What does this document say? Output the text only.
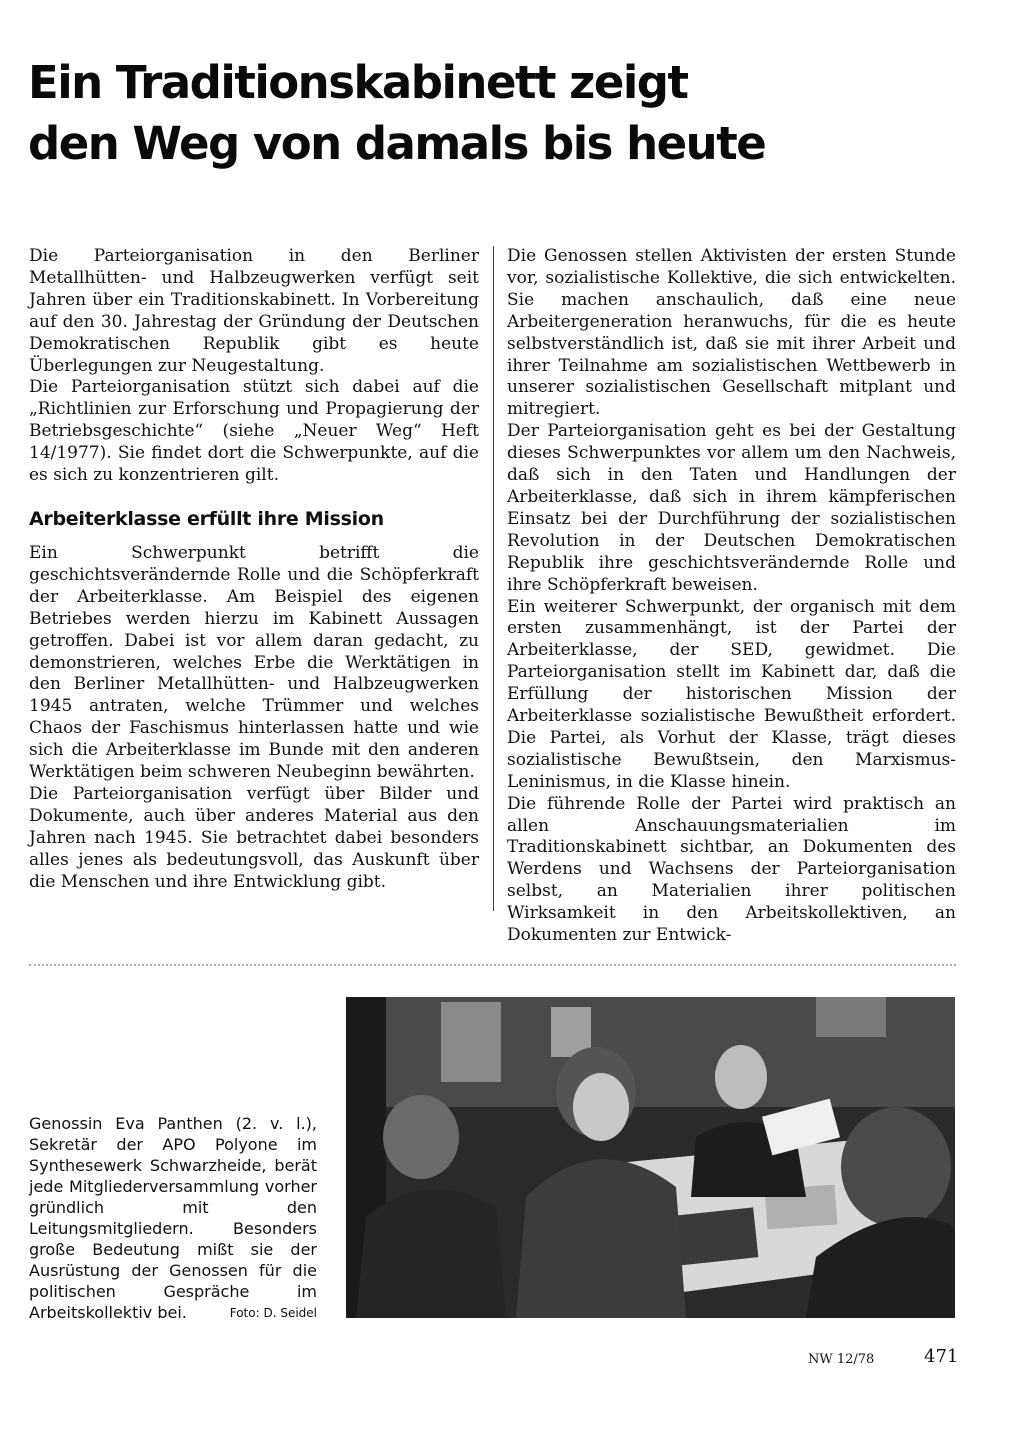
Ein Traditionskabinett zeigt
den Weg von damals bis heute

Die Parteiorganisation in den Berliner Metallhütten- und Halbzeugwerken verfügt seit Jahren über ein Traditionskabinett. In Vorbereitung auf den 30. Jahrestag der Gründung der Deutschen Demokratischen Republik gibt es heute Überlegungen zur Neugestaltung.

Die Parteiorganisation stützt sich dabei auf die „Richtlinien zur Erforschung und Propagierung der Betriebsgeschichte“ (siehe „Neuer Weg“ Heft 14/1977). Sie findet dort die Schwerpunkte, auf die es sich zu konzentrieren gilt.

Arbeiterklasse erfüllt ihre Mission

Ein Schwerpunkt betrifft die geschichtsverändernde Rolle und die Schöpferkraft der Arbeiterklasse. Am Beispiel des eigenen Betriebes werden hierzu im Kabinett Aussagen getroffen. Dabei ist vor allem daran gedacht, zu demonstrieren, welches Erbe die Werktätigen in den Berliner Metallhütten- und Halbzeugwerken 1945 antraten, welche Trümmer und welches Chaos der Faschismus hinterlassen hatte und wie sich die Arbeiterklasse im Bunde mit den anderen Werktätigen beim schweren Neubeginn bewährten.

Die Parteiorganisation verfügt über Bilder und Dokumente, auch über anderes Material aus den Jahren nach 1945. Sie betrachtet dabei besonders alles jenes als bedeutungsvoll, das Auskunft über die Menschen und ihre Entwicklung gibt.

Die Genossen stellen Aktivisten der ersten Stunde vor, sozialistische Kollektive, die sich entwickelten. Sie machen anschaulich, daß eine neue Arbeitergeneration heranwuchs, für die es heute selbstverständlich ist, daß sie mit ihrer Arbeit und ihrer Teilnahme am sozialistischen Wettbewerb in unserer sozialistischen Gesellschaft mitplant und mitregiert.

Der Parteiorganisation geht es bei der Gestaltung dieses Schwerpunktes vor allem um den Nachweis, daß sich in den Taten und Handlungen der Arbeiterklasse, daß sich in ihrem kämpferischen Einsatz bei der Durchführung der sozialistischen Revolution in der Deutschen Demokratischen Republik ihre geschichtsverändernde Rolle und ihre Schöpferkraft beweisen.

Ein weiterer Schwerpunkt, der organisch mit dem ersten zusammenhängt, ist der Partei der Arbeiterklasse, der SED, gewidmet. Die Parteiorganisation stellt im Kabinett dar, daß die Erfüllung der historischen Mission der Arbeiterklasse sozialistische Bewußtheit erfordert. Die Partei, als Vorhut der Klasse, trägt dieses sozialistische Bewußtsein, den Marxismus-Leninismus, in die Klasse hinein.

Die führende Rolle der Partei wird praktisch an allen Anschauungsmaterialien im Traditionskabinett sichtbar, an Dokumenten des Werdens und Wachsens der Parteiorganisation selbst, an Materialien ihrer politischen Wirksamkeit in den Arbeitskollektiven, an Dokumenten zur Entwick-

Genossin Eva Panthen (2. v. l.), Sekretär der APO Polyone im Synthesewerk Schwarzheide, berät jede Mitgliederversammlung vorher gründlich mit den Leitungsmitgliedern. Besonders große Bedeutung mißt sie der Ausrüstung der Genossen für die politischen Gespräche im Arbeitskollektiv bei.	Foto: D. Seidel
NW 12/78	471
